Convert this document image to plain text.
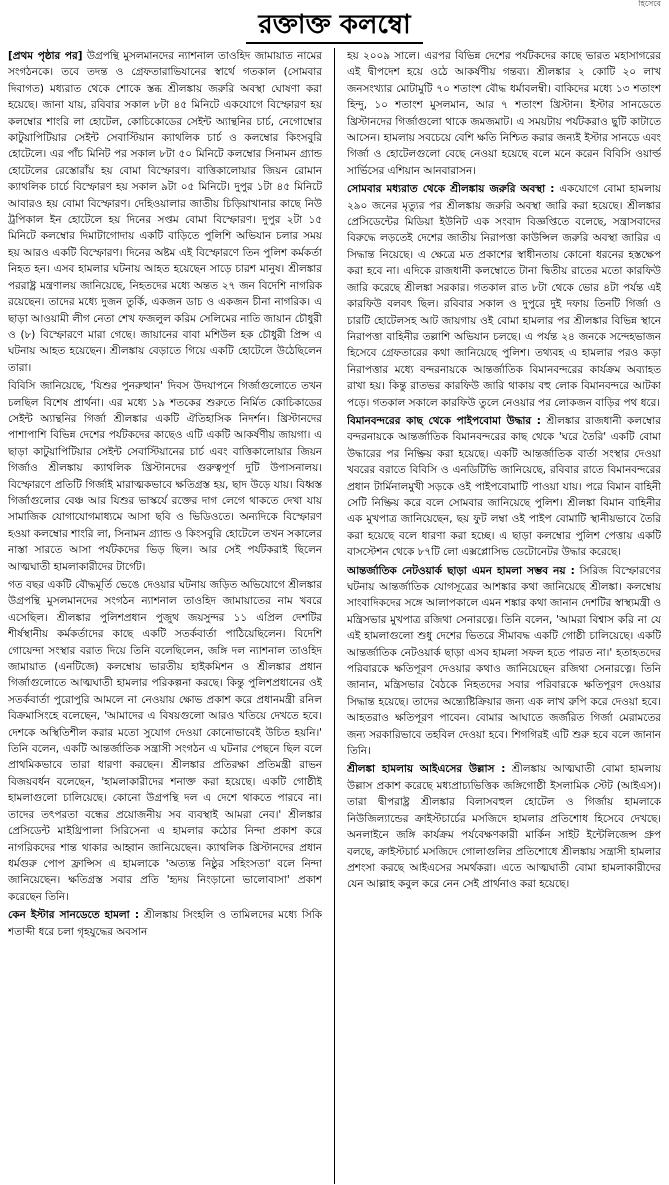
হিসেবে
রক্তাক্ত কলম্বো

[প্রথম পৃষ্ঠার পর] উগ্রপন্থি মুসলমানদের ন্যাশনাল তাওহিদ জামায়াত নামের সংগঠনকে। তবে তদন্ত ও গ্রেফতারাভিযানের স্বার্থে গতকাল (সোমবার দিবাগত) মধ্যরাত থেকে শোকে স্তব্ধ শ্রীলঙ্কায় জরুরি অবস্থা ঘোষণা করা হয়েছে। জানা যায়, রবিবার সকাল ৮টা ৪৫ মিনিটে একযোগে বিস্ফোরণ হয় কলম্বোর শাংরি লা হোটেল, কোচিকোডের সেইন্ট অ্যান্থনির চার্চ, নেগোম্বোর কাটুয়াপিটিয়ার সেইন্ট সেবাস্টিয়ান ক্যাথলিক চার্চ ও কলম্বোর কিংসবুরি হোটেলে। এর পাঁচ মিনিট পর সকাল ৮টা ৫০ মিনিটে কলম্বোর সিনামন গ্র্যান্ড হোটেলের রেস্তোরাঁয় হয় বোমা বিস্ফোরণ। বাত্তিকালোয়ার জিয়ন রোমান ক্যাথলিক চার্চে বিস্ফোরণ হয় সকাল ৯টা ০৫ মিনিটে। দুপুর ১টা ৪৫ মিনিটে আবারও হয় বোমা বিস্ফোরণ। দেহিওয়ালার জাতীয় চিড়িয়াখানার কাছে নিউ ট্রপিকাল ইন হোটেলে হয় দিনের সপ্তম বোমা বিস্ফোরণ। দুপুর ২টা ১৫ মিনিটে কলম্বোর দিমাটাগোদায় একটি বাড়িতে পুলিশি অভিযান চলার সময় হয় আরও একটি বিস্ফোরণ। দিনের অষ্টম এই বিস্ফোরণে তিন পুলিশ কর্মকর্তা নিহত হন। এসব হামলার ঘটনায় আহত হয়েছেন সাড়ে চারশ মানুষ। শ্রীলঙ্কার পররাষ্ট্র মন্ত্রণালয় জানিয়েছে, নিহতদের মধ্যে অন্তত ২৭ জন বিদেশি নাগরিক রয়েছেন। তাদের মধ্যে দুজন তুর্কি, একজন ডাচ ও একজন চীনা নাগরিক। এ ছাড়া আওয়ামী লীগ নেতা শেখ ফজলুল করিম সেলিমের নাতি জায়ান চৌধুরী ও (৮) বিস্ফোরণে মারা গেছে। জায়ানের বাবা মশিউল হক চৌধুরী প্রিন্স এ ঘটনায় আহত হয়েছেন। শ্রীলঙ্কায় বেড়াতে গিয়ে একটি হোটেলে উঠেছিলেন তারা।

বিবিসি জানিয়েছে, 'যিশুর পুনরুত্থান' দিবস উদযাপনে গির্জাগুলোতে তখন চলছিল বিশেষ প্রার্থনা। এর মধ্যে ১৯ শতকের শুরুতে নির্মিত কোচিকাডের সেইন্ট অ্যান্থনির গির্জা শ্রীলঙ্কার একটি ঐতিহাসিক নিদর্শন। খ্রিস্টানদের পাশাপাশি বিভিন্ন দেশের পর্যটকদের কাছেও এটি একটি আকর্ষণীয় জায়গা। এ ছাড়া কাটুয়াপিটিয়ার সেইন্ট সেবাস্টিয়ানের চার্চ এবং বাত্তিকালোয়ার জিয়ন গির্জাও শ্রীলঙ্কায় ক্যাথলিক খ্রিস্টানদের গুরুত্বপূর্ণ দুটি উপাসনালয়। বিস্ফোরণে প্রতিটি গির্জাই মারাত্মকভাবে ক্ষতিগ্রস্ত হয়, ছাদ উড়ে যায়। বিধ্বস্ত গির্জাগুলোর বেঞ্চ আর যিশুর ভাস্কর্যে রক্তের দাগ লেগে থাকতে দেখা যায় সামাজিক যোগাযোগমাধ্যমে আসা ছবি ও ভিডিওতে। অন্যদিকে বিস্ফোরণ হওয়া কলম্বোর শাংরি লা, সিনামন গ্র্যান্ড ও কিংসবুরি হোটেলে তখন সকালের নাস্তা সারতে আসা পর্যটকদের ভিড় ছিল। আর সেই পর্যটকরাই ছিলেন আত্মঘাতী হামলাকারীদের টার্গেট।

গত বছর একটি বৌদ্ধমূর্তি ভেঙে দেওয়ার ঘটনায় জড়িত অভিযোগে শ্রীলঙ্কার উগ্রপন্থি মুসলমানদের সংগঠন ন্যাশনাল তাওহিদ জামায়াতের নাম খবরে এসেছিল। শ্রীলঙ্কার পুলিশপ্রধান পুজুথ জয়সুন্দর ১১ এপ্রিল দেশটির শীর্ষস্থানীয় কর্মকর্তাদের কাছে একটি সতর্কবার্তা পাঠিয়েছিলেন। বিদেশি গোয়েন্দা সংস্থার বরাত দিয়ে তিনি বলেছিলেন, জঙ্গি দল ন্যাশনাল তাওহিদ জামায়াত (এনটিজে) কলম্বোয় ভারতীয় হাইকমিশন ও শ্রীলঙ্কার প্রধান গির্জাগুলোতে আত্মঘাতী হামলার পরিকল্পনা করছে। কিন্তু পুলিশপ্রধানের ওই সতর্কবার্তা পুরোপুরি আমলে না নেওয়ায় ক্ষোভ প্রকাশ করে প্রধানমন্ত্রী রনিল বিক্রমাসিংহে বলেছেন, 'আমাদের এ বিষয়গুলো আরও খতিয়ে দেখতে হবে। দেশকে অস্থিতিশীল করার মতো সুযোগ দেওয়া কোনোভাবেই উচিত হয়নি।' তিনি বলেন, একটি আন্তর্জাতিক সন্ত্রাসী সংগঠন এ ঘটনার পেছনে ছিল বলে প্রাথমিকভাবে তারা ধারণা করছেন। শ্রীলঙ্কার প্রতিরক্ষা প্রতিমন্ত্রী রাভন বিজয়বর্ধন বলেছেন, 'হামলাকারীদের শনাক্ত করা হয়েছে। একটি গোষ্ঠীই হামলাগুলো চালিয়েছে। কোনো উগ্রপন্থি দল এ দেশে থাকতে পারবে না। তাদের তৎপরতা বন্ধের প্রয়োজনীয় সব ব্যবস্থাই আমরা নেব।' শ্রীলঙ্কার প্রেসিডেন্ট মাইথ্রিপালা সিরিসেনা এ হামলার কঠোর নিন্দা প্রকাশ করে নাগরিকদের শান্ত থাকার আহ্বান জানিয়েছেন। ক্যাথলিক খ্রিস্টানদের প্রধান ধর্মগুরু পোপ ফ্রান্সিস এ হামলাকে 'অত্যন্ত নিষ্ঠুর সহিংসতা' বলে নিন্দা জানিয়েছেন। ক্ষতিগ্রস্ত সবার প্রতি 'হৃদয় নিংড়ানো ভালোবাসা' প্রকাশ করেছেন তিনি।

কেন ইস্টার সানডেতে হামলা : শ্রীলঙ্কায় সিংহলি ও তামিলদের মধ্যে সিকি শতাব্দী ধরে চলা গৃহযুদ্ধের অবসান

হয় ২০০৯ সালে। এরপর বিভিন্ন দেশের পর্যটকদের কাছে ভারত মহাসাগরের এই দ্বীপদেশ হয়ে ওঠে আকর্ষণীয় গন্তব্য। শ্রীলঙ্কার ২ কোটি ২০ লাখ জনসংখ্যার মোটামুটি ৭০ শতাংশ বৌদ্ধ ধর্মাবলম্বী। বাকিদের মধ্যে ১৩ শতাংশ হিন্দু, ১০ শতাংশ মুসলমান, আর ৭ শতাংশ খ্রিস্টান। ইস্টার সানডেতে খ্রিস্টানদের গির্জাগুলো থাকে জমজমাট। এ সময়টায় পর্যটকরাও ছুটি কাটাতে আসেন। হামলায় সবচেয়ে বেশি ক্ষতি নিশ্চিত করার জন্যই ইস্টার সানডে এবং গির্জা ও হোটেলগুলো বেছে নেওয়া হয়েছে বলে মনে করেন বিবিসি ওয়ার্ল্ড সার্ভিসের এশিয়ান আনবারাসন।

সোমবার মধ্যরাত থেকে শ্রীলঙ্কায় জরুরি অবস্থা : একযোগে বোমা হামলায় ২৯০ জনের মৃত্যুর পর শ্রীলঙ্কায় জরুরি অবস্থা জারি করা হয়েছে। শ্রীলঙ্কার প্রেসিডেন্টের মিডিয়া ইউনিট এক সংবাদ বিজ্ঞপ্তিতে বলেছে, সন্ত্রাসবাদের বিরুদ্ধে লড়তেই দেশের জাতীয় নিরাপত্তা কাউন্সিল জরুরি অবস্থা জারির এ সিদ্ধান্ত নিয়েছে। এ ক্ষেত্রে মত প্রকাশের স্বাধীনতায় কোনো ধরনের হস্তক্ষেপ করা হবে না। এদিকে রাজধানী কলম্বোতে টানা দ্বিতীয় রাতের মতো কারফিউ জারি করেছে শ্রীলঙ্কা সরকার। গতকাল রাত ৮টা থেকে ভোর ৪টা পর্যন্ত এই কারফিউ বলবৎ ছিল। রবিবার সকাল ও দুপুরে দুই দফায় তিনটি গির্জা ও চারটি হোটেলসহ আট জায়গায় ওই বোমা হামলার পর শ্রীলঙ্কার বিভিন্ন স্থানে নিরাপত্তা বাহিনীর তল্লাশি অভিযান চলছে। এ পর্যন্ত ২৪ জনকে সন্দেহভাজন হিসেবে গ্রেফতারের কথা জানিয়েছে পুলিশ। তথ্যবহ এ হামলার পরও কড়া নিরাপত্তার মধ্যে বন্দরনায়কে আন্তর্জাতিক বিমানবন্দরের কার্যক্রম অব্যাহত রাখা হয়। কিন্তু রাতভর কারফিউ জারি থাকায় বহু লোক বিমানবন্দরে আটকা পড়ে। গতকাল সকালে কারফিউ তুলে নেওয়ার পর লোকজন বাড়ির পথ ধরে।

বিমানবন্দরের কাছ থেকে পাইপবোমা উদ্ধার : শ্রীলঙ্কার রাজধানী কলম্বোর বন্দরনায়কে আন্তর্জাতিক বিমানবন্দরের কাছ থেকে 'ঘরে তৈরি' একটি বোমা উদ্ধারের পর নিষ্ক্রিয় করা হয়েছে। একটি আন্তর্জাতিক বার্তা সংস্থার দেওয়া খবরের বরাতে বিবিসি ও এনডিটিভি জানিয়েছে, রবিবার রাতে বিমানবন্দরের প্রধান টার্মিনালমুখী সড়কে ওই পাইপবোমাটি পাওয়া যায়। পরে বিমান বাহিনী সেটি নিষ্ক্রিয় করে বলে সোমবার জানিয়েছে পুলিশ। শ্রীলঙ্কা বিমান বাহিনীর এক মুখপাত্র জানিয়েছেন, ছয় ফুট লম্বা ওই পাইপ বোমাটি স্থানীয়ভাবে তৈরি করা হয়েছে বলে ধারণা করা হচ্ছে। এ ছাড়া কলম্বোর পুলিশ পেত্তায় একটি বাসস্টেশন থেকে ৮৭টি লো এক্সপ্লোসিভ ডেটোনেটর উদ্ধার করেছে।

আন্তর্জাতিক নেটওয়ার্ক ছাড়া এমন হামলা সম্ভব নয় : সিরিজ বিস্ফোরণের ঘটনায় আন্তর্জাতিক যোগসূত্রের আশঙ্কার কথা জানিয়েছে শ্রীলঙ্কা। কলম্বোয় সাংবাদিকদের সঙ্গে আলাপকালে এমন শঙ্কার কথা জানান দেশটির স্বাস্থ্যমন্ত্রী ও মন্ত্রিসভার মুখপাত্র রজিথা সেনারত্নে। তিনি বলেন, 'আমরা বিশ্বাস করি না যে এই হামলাগুলো শুধু দেশের ভিতরে সীমাবদ্ধ একটি গোষ্ঠী চালিয়েছে। একটি আন্তর্জাতিক নেটওয়ার্ক ছাড়া এসব হামলা সফল হতে পারত না।' হতাহতদের পরিবারকে ক্ষতিপূরণ দেওয়ার কথাও জানিয়েছেন রজিথা সেনারত্নে। তিনি জানান, মন্ত্রিসভার বৈঠকে নিহতদের সবার পরিবারকে ক্ষতিপূরণ দেওয়ার সিদ্ধান্ত হয়েছে। তাদের অন্ত্যেষ্টিক্রিয়ার জন্য এক লাখ রুপি করে দেওয়া হবে। আহতরাও ক্ষতিপূরণ পাবেন। বোমার আঘাতে জর্জরিত গির্জা মেরামতের জন্য সরকারিভাবে তহবিল দেওয়া হবে। শিগগিরই এটি শুরু হবে বলে জানান তিনি।

শ্রীলঙ্কা হামলায় আইএসের উল্লাস : শ্রীলঙ্কায় আত্মঘাতী বোমা হামলায় উল্লাস প্রকাশ করেছে মধ্যপ্রাচ্যভিত্তিক জঙ্গিগোষ্ঠী ইসলামিক স্টেট (আইএস)। তারা দ্বীপরাষ্ট্র শ্রীলঙ্কার বিলাসবহুল হোটেল ও গির্জায় হামলাকে নিউজিল্যান্ডের ক্রাইস্টচার্চের মসজিদে হামলার প্রতিশোধ হিসেবে দেখছে। অনলাইনে জঙ্গি কার্যক্রম পর্যবেক্ষণকারী মার্কিন সাইট ইন্টেলিজেন্স গ্রুপ বলছে, ক্রাইস্টচার্চ মসজিদে গোলাগুলির প্রতিশোধে শ্রীলঙ্কায় সন্ত্রাসী হামলার প্রশংসা করছে আইএসের সমর্থকরা। এতে আত্মঘাতী বোমা হামলাকারীদের যেন আল্লাহ কবুল করে নেন সেই প্রার্থনাও করা হয়েছে।
